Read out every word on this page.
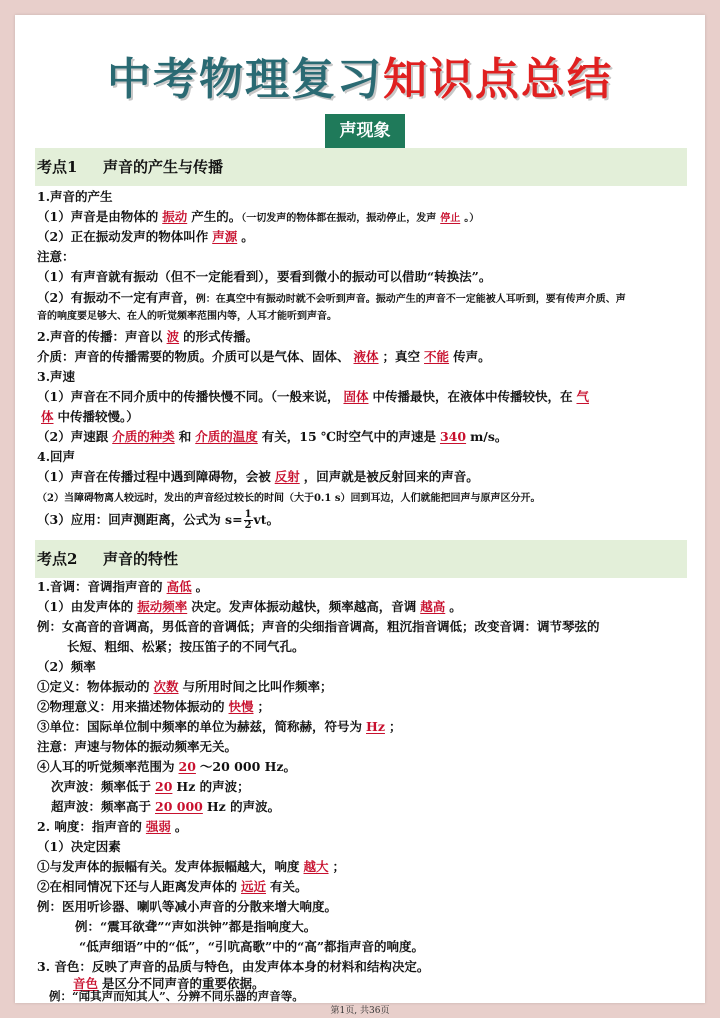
中考物理复习知识点总结
声现象
考点1 声音的产生与传播
1.声音的产生
（1）声音是由物体的 振动 产生的。（一切发声的物体都在振动，振动停止，发声 停止 。）
（2）正在振动发声的物体叫作 声源 。
注意：
（1）有声音就有振动（但不一定能看到），要看到微小的振动可以借助“转换法”。
（2）有振动不一定有声音，例：在真空中有振动时就不会听到声音。振动产生的声音不一定能被人耳听到，要有传声介质、声
音的响度要足够大、在人的听觉频率范围内等，人耳才能听到声音。
2.声音的传播：声音以 波 的形式传播。
介质：声音的传播需要的物质。介质可以是气体、固体、 液体 ；真空 不能 传声。
3.声速
（1）声音在不同介质中的传播快慢不同。（一般来说， 固体 中传播最快，在液体中传播较快，在 气
体 中传播较慢。）
（2）声速跟 介质的种类 和 介质的温度 有关，15 ℃时空气中的声速是 340 m/s。
4.回声
（1）声音在传播过程中遇到障碍物，会被 反射 ，回声就是被反射回来的声音。
（2）当障碍物离人较远时，发出的声音经过较长的时间（大于0.1 s）回到耳边，人们就能把回声与原声区分开。
（3）应用：回声测距离，公式为 $s= \frac{1}{2}$ vt。
考点2 声音的特性
1.音调：音调指声音的 高低 。
（1）由发声体的 振动频率 决定。发声体振动越快，频率越高，音调 越高 。
例：女高音的音调高，男低音的音调低；声音的尖细指音调高，粗沉指音调低；改变音调：调节琴弦的
长短、粗细、松紧；按压笛子的不同气孔。
（2）频率
①定义：物体振动的 次数 与所用时间之比叫作频率；
②物理意义：用来描述物体振动的 快慢 ；
③单位：国际单位制中频率的单位为赫兹，简称赫，符号为 Hz ；
注意：声速与物体的振动频率无关。
④人耳的听觉频率范围为 20 ～20 000 Hz。
次声波：频率低于 20 Hz 的声波；
超声波：频率高于 20 000 Hz 的声波。
2. 响度：指声音的 强弱 。
（1）决定因素
①与发声体的振幅有关。发声体振幅越大，响度 越大 ；
②在相同情况下还与人距离发声体的 远近 有关。
例：医用听诊器、喇叭等减小声音的分散来增大响度。
例：“震耳欲聋”“声如洪钟”都是指响度大。
“低声细语”中的“低”，“引吭高歌”中的“高”都指声音的响度。
3. 音色：反映了声音的品质与特色，由发声体本身的材料和结构决定。
音色 是区分不同声音的重要依据。
例：“闻其声而知其人”、分辨不同乐器的声音等。
第1页, 共36页
